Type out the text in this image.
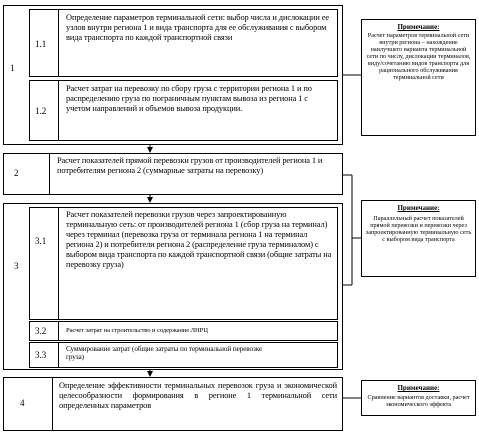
1
1.1
Определение параметров терминальной сети: выбор числа и дислокации ее узлов внутри региона 1 и вида транспорта для ее обслуживания с выбором вида транспорта по каждой транспортной связи
1.2
Расчет затрат на перевозку по сбору груза с территории региона 1 и по распределению груза по пограничным пунктам вывоза из региона 1 с учетом направлений и объемов вывоза продукции.
Примечание:
Расчет параметров терминальной сети внутри региона – нахождение наилучшего варианта терминальной сети по числу, дислокации терминалов, виду/сочетанию видов транспорта для рационального обслуживания терминальной сети
2
Расчет показателей прямой перевозки грузов от производителей региона 1 и потребителям региона 2 (суммарные затраты на перевозку)
3
3.1
Расчет показателей перевозки грузов через запроектированную терминальную сеть: от производителей региона 1 (сбор груза на терминал) через терминал (перевозка груза от терминала региона 1 на терминал региона 2) и потребители региона 2 (распределение груза терминалом) с выбором вида транспорта по каждой транспортной связи (общие затраты на перевозку груза)
3.2	Расчет затрат на строительство и содержание ЛНРЦ
3.3
Суммирование затрат (общие затраты по терминальной перевозке груза)
Примечание:
Параллельный расчет показателей прямой перевозки и перевозки через запроектированную терминальную сеть с выбором вида транспорта
4
Определение эффективности терминальных перевозок груза и экономической целесообразности формирования в регионе 1 терминальной сети определенных параметров
Примечание:
Сравнение вариантов доставки, расчет экономического эффекта
